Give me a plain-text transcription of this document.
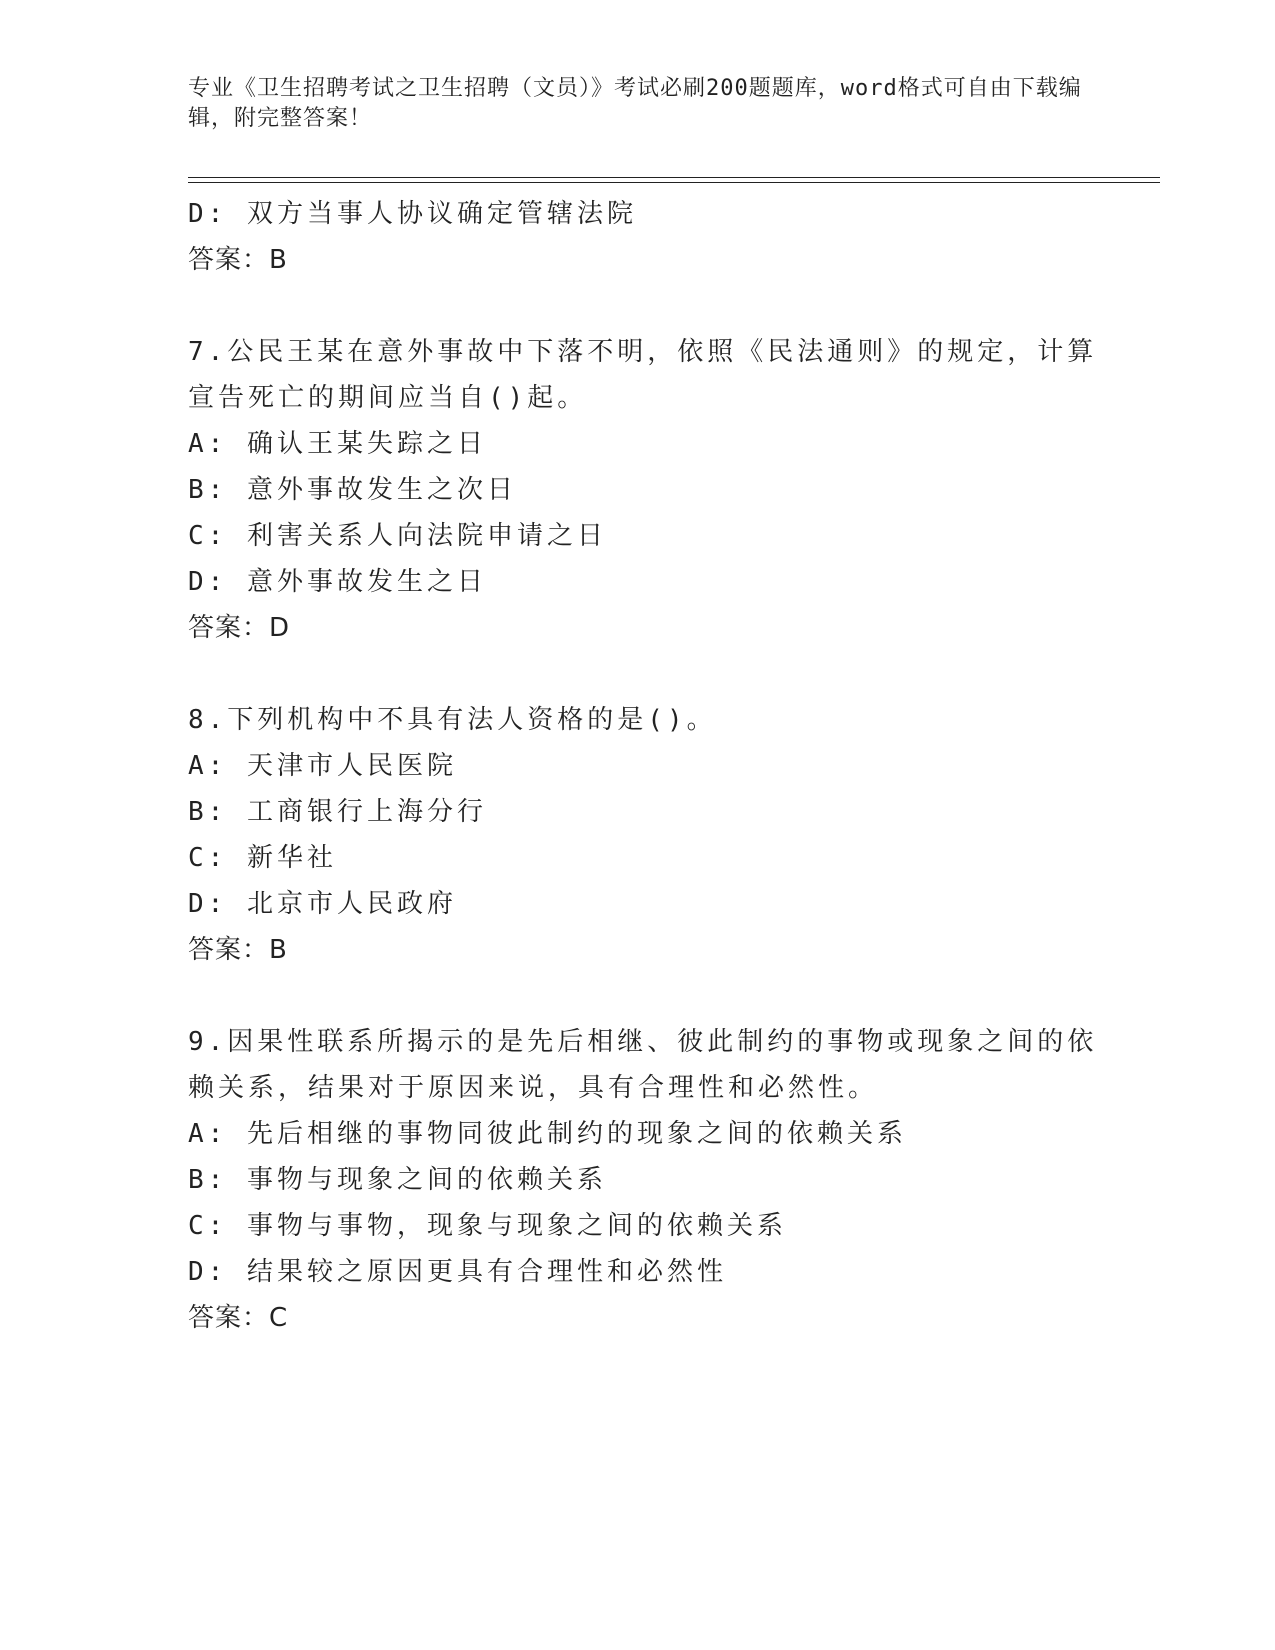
专业《卫生招聘考试之卫生招聘（文员）》考试必刷200题题库，word格式可自由下载编辑，附完整答案！
D: 双方当事人协议确定管辖法院
答案：B
7.公民王某在意外事故中下落不明，依照《民法通则》的规定，计算宣告死亡的期间应当自()起。
A: 确认王某失踪之日
B: 意外事故发生之次日
C: 利害关系人向法院申请之日
D: 意外事故发生之日
答案：D
8.下列机构中不具有法人资格的是()。
A: 天津市人民医院
B: 工商银行上海分行
C: 新华社
D: 北京市人民政府
答案：B
9.因果性联系所揭示的是先后相继、彼此制约的事物或现象之间的依赖关系，结果对于原因来说，具有合理性和必然性。
A: 先后相继的事物同彼此制约的现象之间的依赖关系
B: 事物与现象之间的依赖关系
C: 事物与事物，现象与现象之间的依赖关系
D: 结果较之原因更具有合理性和必然性
答案：C
